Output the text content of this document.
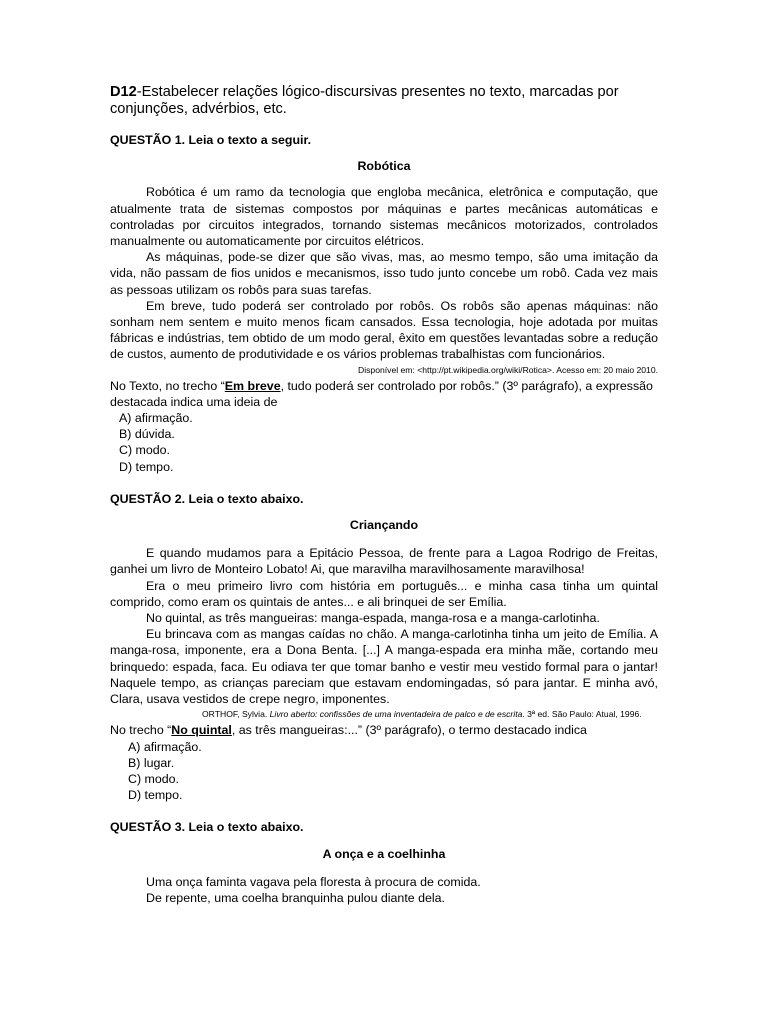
D12-Estabelecer relações lógico-discursivas presentes no texto, marcadas por conjunções, advérbios, etc.
QUESTÃO 1. Leia o texto a seguir.
Robótica

Robótica é um ramo da tecnologia que engloba mecânica, eletrônica e computação, que atualmente trata de sistemas compostos por máquinas e partes mecânicas automáticas e controladas por circuitos integrados, tornando sistemas mecânicos motorizados, controlados manualmente ou automaticamente por circuitos elétricos.

As máquinas, pode-se dizer que são vivas, mas, ao mesmo tempo, são uma imitação da vida, não passam de fios unidos e mecanismos, isso tudo junto concebe um robô. Cada vez mais as pessoas utilizam os robôs para suas tarefas.

Em breve, tudo poderá ser controlado por robôs. Os robôs são apenas máquinas: não sonham nem sentem e muito menos ficam cansados. Essa tecnologia, hoje adotada por muitas fábricas e indústrias, tem obtido de um modo geral, êxito em questões levantadas sobre a redução de custos, aumento de produtividade e os vários problemas trabalhistas com funcionários.

Disponível em: <http://pt.wikipedia.org/wiki/Rotica>. Acesso em: 20 maio 2010.

No Texto, no trecho “Em breve, tudo poderá ser controlado por robôs.” (3º parágrafo), a expressão

destacada indica uma ideia de
A) afirmação.
B) dúvida.
C) modo.
D) tempo.
QUESTÃO 2. Leia o texto abaixo.
Criançando

E quando mudamos para a Epitácio Pessoa, de frente para a Lagoa Rodrigo de Freitas, ganhei um livro de Monteiro Lobato! Ai, que maravilha maravilhosamente maravilhosa!

Era o meu primeiro livro com história em português... e minha casa tinha um quintal comprido, como eram os quintais de antes... e ali brinquei de ser Emília.

No quintal, as três mangueiras: manga-espada, manga-rosa e a manga-carlotinha.

Eu brincava com as mangas caídas no chão. A manga-carlotinha tinha um jeito de Emília. A manga-rosa, imponente, era a Dona Benta. [...] A manga-espada era minha mãe, cortando meu brinquedo: espada, faca. Eu odiava ter que tomar banho e vestir meu vestido formal para o jantar! Naquele tempo, as crianças pareciam que estavam endomingadas, só para jantar. E minha avó, Clara, usava vestidos de crepe negro, imponentes.

ORTHOF, Sylvia. Livro aberto: confissões de uma inventadeira de palco e de escrita. 3ª ed. São Paulo: Atual, 1996.

No trecho “No quintal, as três mangueiras:...” (3º parágrafo), o termo destacado indica

A) afirmação.
B) lugar.
C) modo.
D) tempo.
QUESTÃO 3. Leia o texto abaixo.
A onça e a coelhinha
Uma onça faminta vagava pela floresta à procura de comida.
De repente, uma coelha branquinha pulou diante dela.
